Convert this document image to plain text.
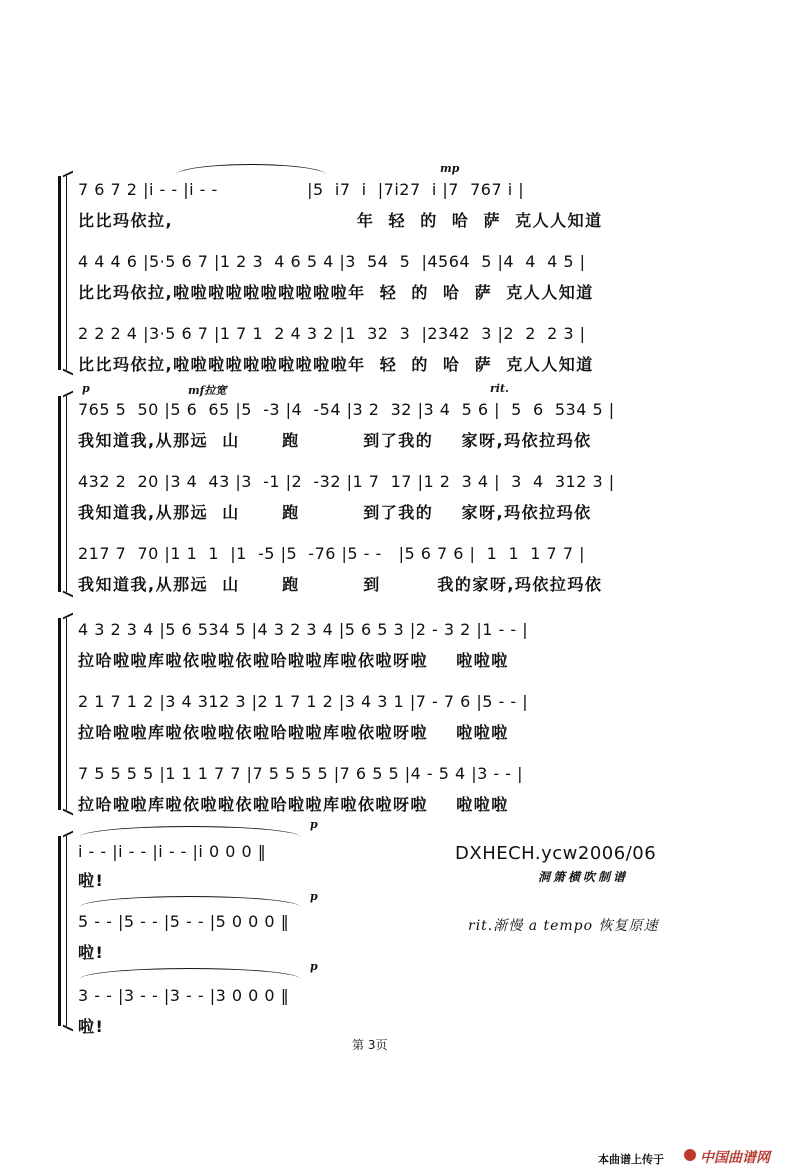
mp
7 6 7 2 |i - - |i - -                |5  i7  i  |7i27  i |7  767 i |
比比玛依拉,                          年  轻  的  哈  萨  克人人知道
4 4 4 6 |5·5 6 7 |1 2 3  4 6 5 4 |3  54  5  |4564  5 |4  4  4 5 |
比比玛依拉,啦啦啦啦啦啦啦啦啦啦年  轻  的  哈  萨  克人人知道
2 2 2 4 |3·5 6 7 |1 7 1  2 4 3 2 |1  32  3  |2342  3 |2  2  2 3 |
比比玛依拉,啦啦啦啦啦啦啦啦啦啦年  轻  的  哈  萨  克人人知道
p	mf拉宽	rit.
765 5  50 |5 6  65 |5  -3 |4  -54 |3 2  32 |3 4  5 6 |  5  6  534 5 |
我知道我,从那远  山      跑         到了我的    家呀,玛依拉玛依
432 2  20 |3 4  43 |3  -1 |2  -32 |1 7  17 |1 2  3 4 |  3  4  312 3 |
我知道我,从那远  山      跑         到了我的    家呀,玛依拉玛依
217 7  70 |1 1  1  |1  -5 |5  -76 |5 - -   |5 6 7 6 |  1  1  1 7 7 |
我知道我,从那远  山      跑         到        我的家呀,玛依拉玛依
4 3 2 3 4 |5 6 534 5 |4 3 2 3 4 |5 6 5 3 |2 - 3 2 |1 - - |
拉哈啦啦库啦依啦啦依啦哈啦啦库啦依啦呀啦    啦啦啦
2 1 7 1 2 |3 4 312 3 |2 1 7 1 2 |3 4 3 1 |7 - 7 6 |5 - - |
拉哈啦啦库啦依啦啦依啦哈啦啦库啦依啦呀啦    啦啦啦
7 5 5 5 5 |1 1 1 7 7 |7 5 5 5 5 |7 6 5 5 |4 - 5 4 |3 - - |
拉哈啦啦库啦依啦啦依啦哈啦啦库啦依啦呀啦    啦啦啦
p
i - - |i - - |i - - |i 0 0 0 ‖
啦!
p
5 - - |5 - - |5 - - |5 0 0 0 ‖
啦!
p
3 - - |3 - - |3 - - |3 0 0 0 ‖
啦!
DXHECH.ycw2006/06
洞箫横吹制谱
rit.渐慢 a tempo 恢复原速
第 3页
本曲谱上传于	中国曲谱网
